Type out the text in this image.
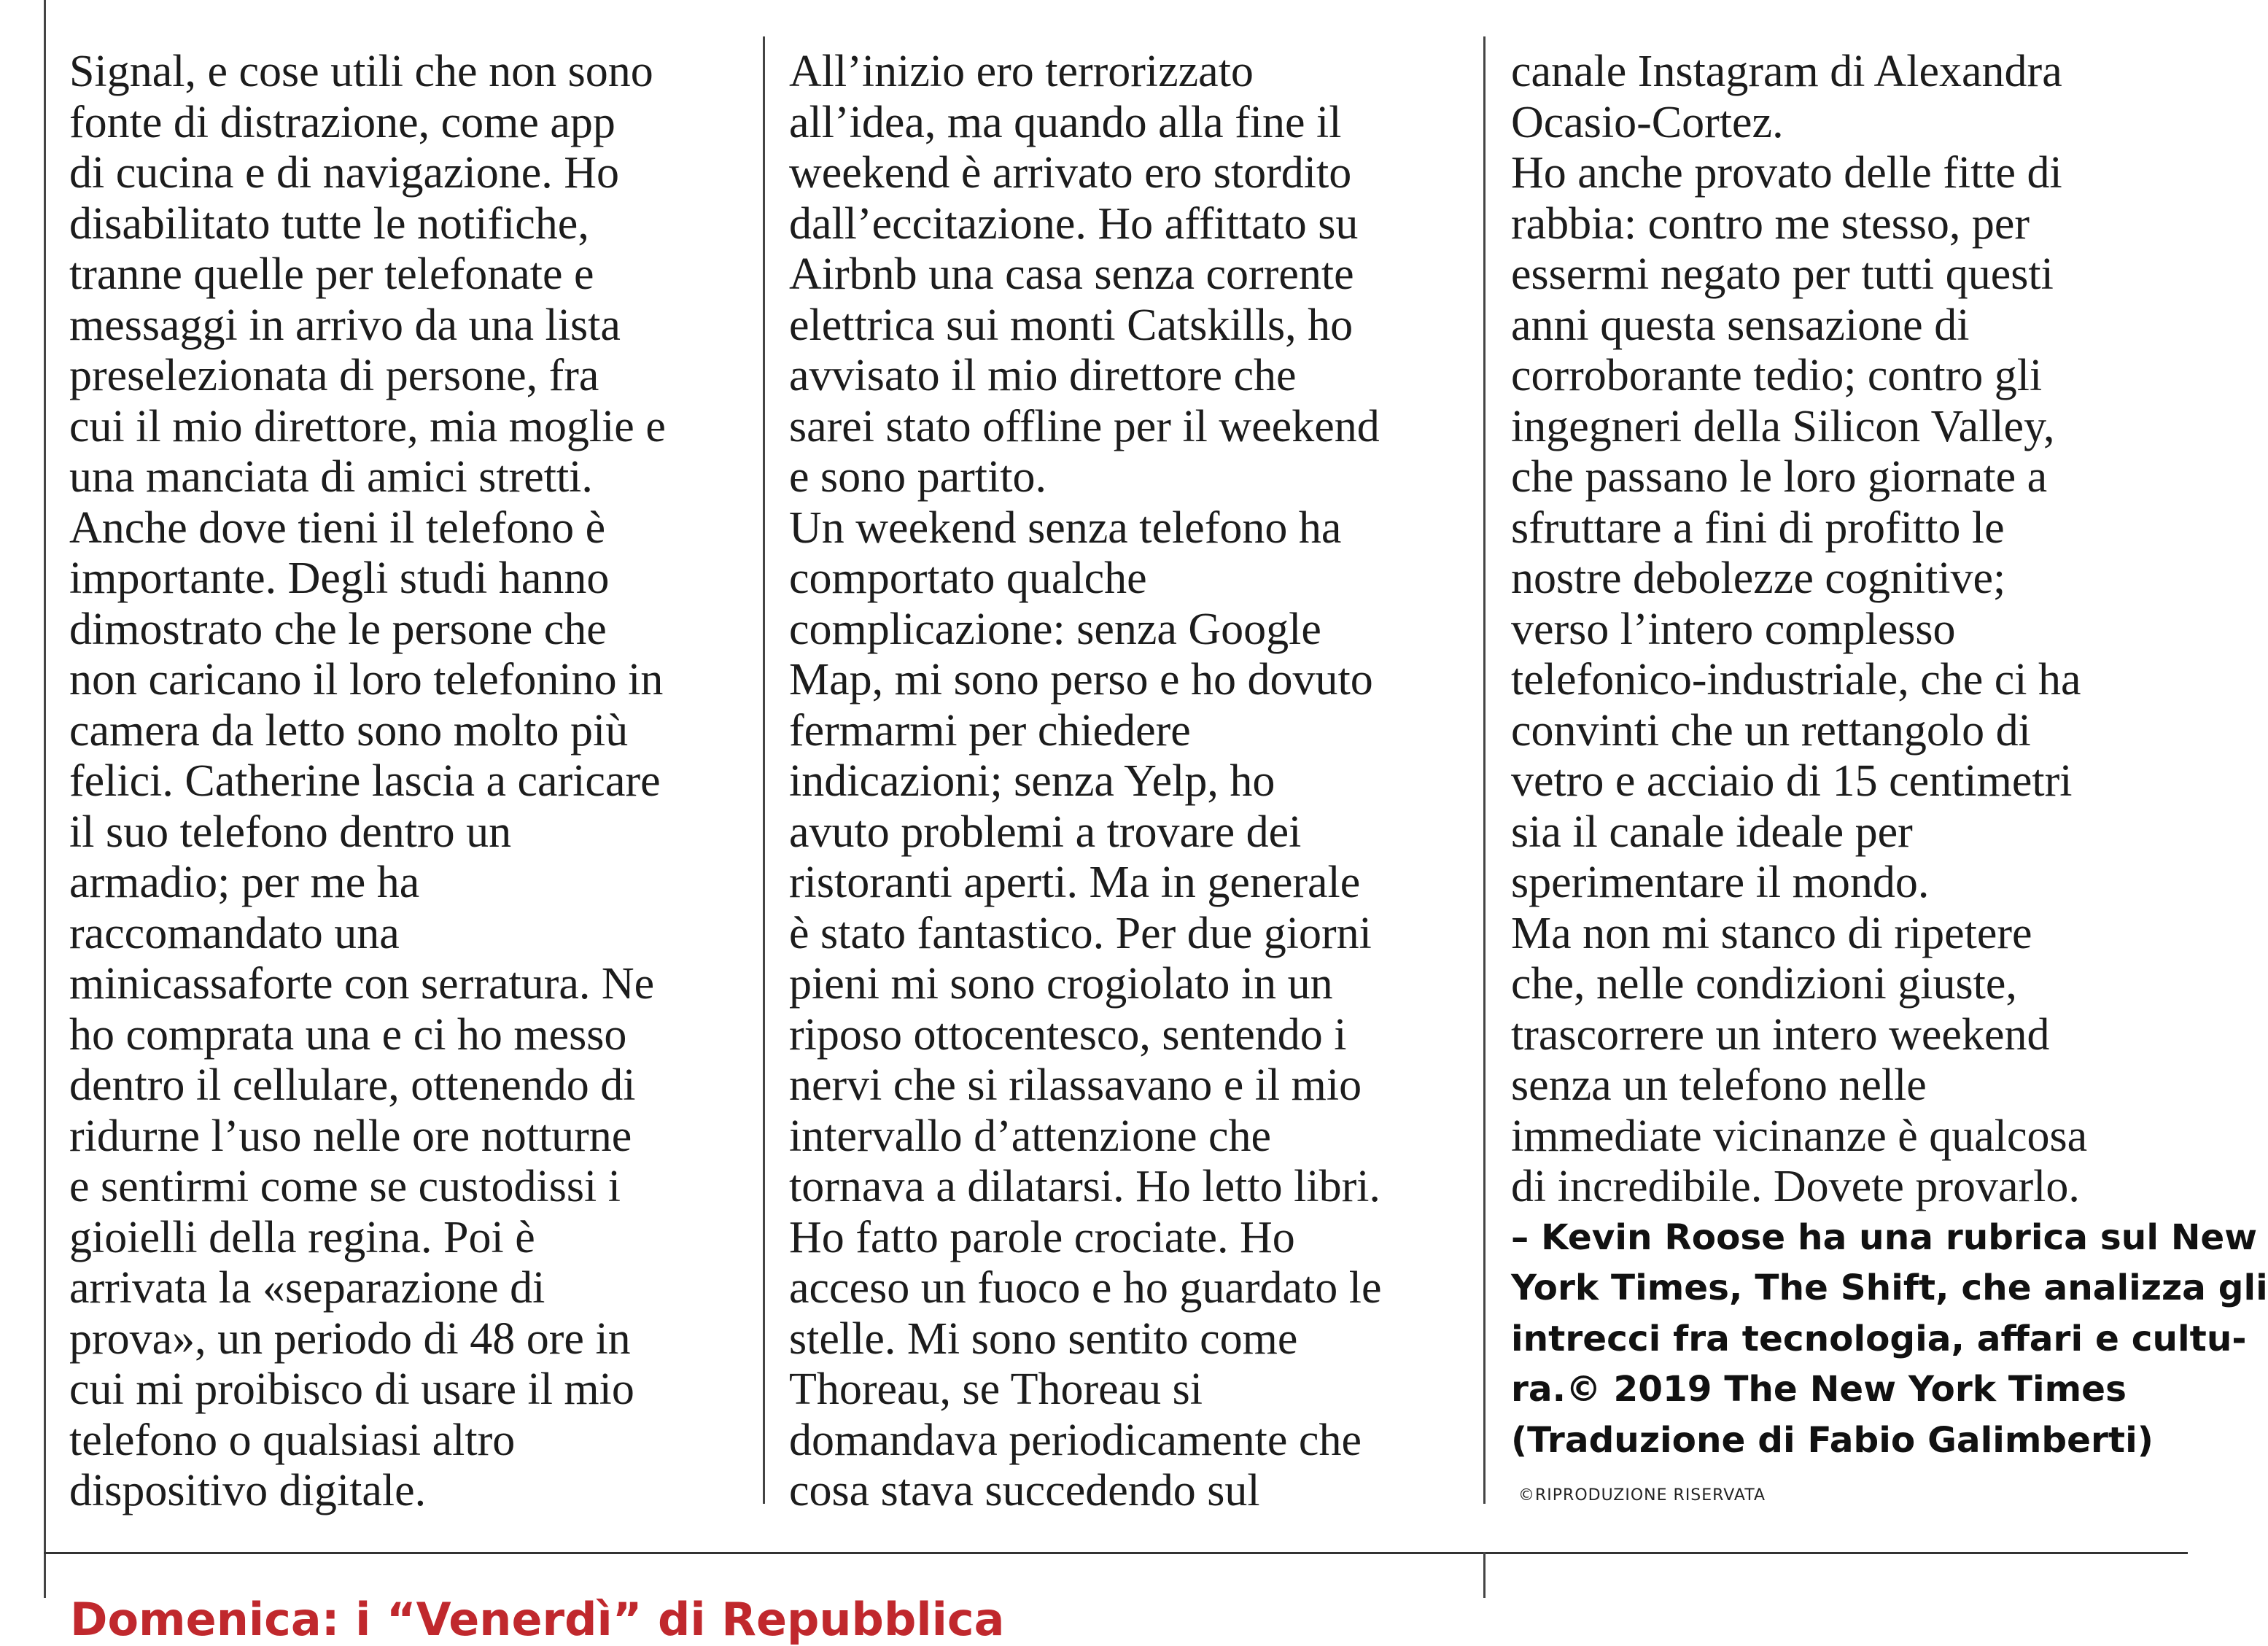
Signal, e cose utili che non sono
fonte di distrazione, come app
di cucina e di navigazione. Ho
disabilitato tutte le notifiche,
tranne quelle per telefonate e
messaggi in arrivo da una lista
preselezionata di persone, fra
cui il mio direttore, mia moglie e
una manciata di amici stretti.
Anche dove tieni il telefono è
importante. Degli studi hanno
dimostrato che le persone che
non caricano il loro telefonino in
camera da letto sono molto più
felici. Catherine lascia a caricare
il suo telefono dentro un
armadio; per me ha
raccomandato una
minicassaforte con serratura. Ne
ho comprata una e ci ho messo
dentro il cellulare, ottenendo di
ridurne l’uso nelle ore notturne
e sentirmi come se custodissi i
gioielli della regina. Poi è
arrivata la «separazione di
prova», un periodo di 48 ore in
cui mi proibisco di usare il mio
telefono o qualsiasi altro
dispositivo digitale.
All’inizio ero terrorizzato
all’idea, ma quando alla fine il
weekend è arrivato ero stordito
dall’eccitazione. Ho affittato su
Airbnb una casa senza corrente
elettrica sui monti Catskills, ho
avvisato il mio direttore che
sarei stato offline per il weekend
e sono partito.
Un weekend senza telefono ha
comportato qualche
complicazione: senza Google
Map, mi sono perso e ho dovuto
fermarmi per chiedere
indicazioni; senza Yelp, ho
avuto problemi a trovare dei
ristoranti aperti. Ma in generale
è stato fantastico. Per due giorni
pieni mi sono crogiolato in un
riposo ottocentesco, sentendo i
nervi che si rilassavano e il mio
intervallo d’attenzione che
tornava a dilatarsi. Ho letto libri.
Ho fatto parole crociate. Ho
acceso un fuoco e ho guardato le
stelle. Mi sono sentito come
Thoreau, se Thoreau si
domandava periodicamente che
cosa stava succedendo sul
canale Instagram di Alexandra
Ocasio-Cortez.
Ho anche provato delle fitte di
rabbia: contro me stesso, per
essermi negato per tutti questi
anni questa sensazione di
corroborante tedio; contro gli
ingegneri della Silicon Valley,
che passano le loro giornate a
sfruttare a fini di profitto le
nostre debolezze cognitive;
verso l’intero complesso
telefonico-industriale, che ci ha
convinti che un rettangolo di
vetro e acciaio di 15 centimetri
sia il canale ideale per
sperimentare il mondo.
Ma non mi stanco di ripetere
che, nelle condizioni giuste,
trascorrere un intero weekend
senza un telefono nelle
immediate vicinanze è qualcosa
di incredibile. Dovete provarlo.
– Kevin Roose ha una rubrica sul New
York Times, The Shift, che analizza gli
intrecci fra tecnologia, affari e cultu-
ra.© 2019 The New York Times
(Traduzione di Fabio Galimberti)
©RIPRODUZIONE RISERVATA
Domenica: i “Venerdì” di Repubblica
